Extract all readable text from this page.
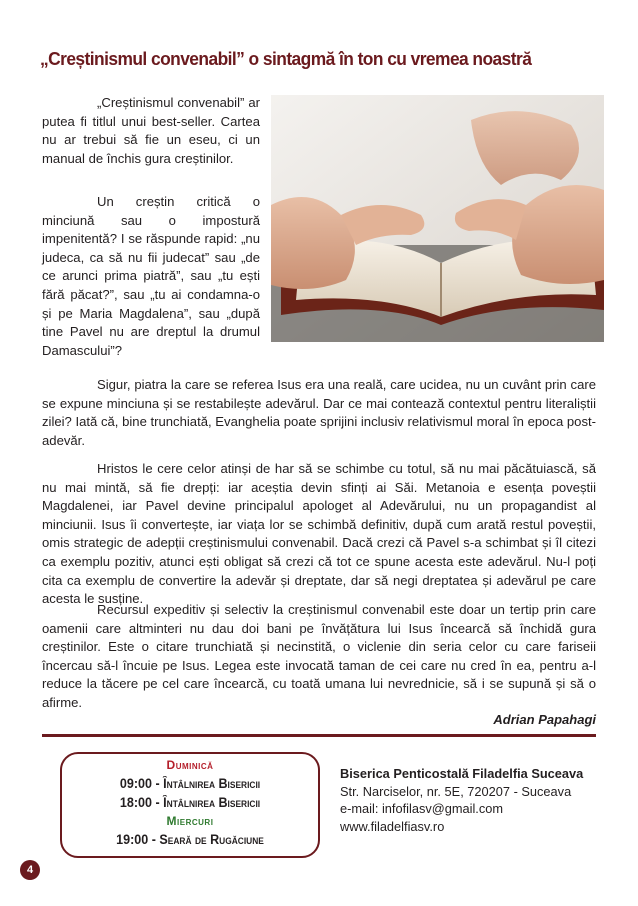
„Creștinismul convenabil” o sintagmă în ton cu vremea noastră

„Creștinismul convenabil” ar putea fi titlul unui best-seller. Cartea nu ar trebui să fie un eseu, ci un manual de închis gura creștinilor.

Un creștin critică o minciună sau o impostură impenitentă? I se răspunde rapid: „nu judeca, ca să nu fii judecat” sau „de ce arunci prima piatră”, sau „tu ești fără păcat?”, sau „tu ai condamna-o și pe Maria Magdalena”, sau „după tine Pavel nu are dreptul la drumul Damascului”?

Sigur, piatra la care se referea Isus era una reală, care ucidea, nu un cuvânt prin care se expune minciuna și se restabilește adevărul. Dar ce mai contează contextul pentru literaliștii zilei? Iată că, bine trunchiată, Evanghelia poate sprijini inclusiv relativismul moral în epoca post-adevăr.

Hristos le cere celor atinși de har să se schimbe cu totul, să nu mai păcătuiască, să nu mai mintă, să fie drepți: iar aceștia devin sfinți ai Săi. Metanoia e esența poveștii Magdalenei, iar Pavel devine principalul apologet al Adevărului, nu un propagandist al minciunii. Isus îi convertește, iar viața lor se schimbă definitiv, după cum arată restul poveștii, omis strategic de adepții creștinismului convenabil. Dacă crezi că Pavel s-a schimbat și îl citezi ca exemplu pozitiv, atunci ești obligat să crezi că tot ce spune acesta este adevărul. Nu-l poți cita ca exemplu de convertire la adevăr și dreptate, dar să negi dreptatea și adevărul pe care acesta le susține.

Recursul expeditiv și selectiv la creștinismul convenabil este doar un tertip prin care oamenii care altminteri nu dau doi bani pe învățătura lui Isus încearcă să închidă gura creștinilor. Este o citare trunchiată și necinstită, o viclenie din seria celor cu care fariseii încercau să-l încuie pe Isus. Legea este invocată taman de cei care nu cred în ea, pentru a-l reduce la tăcere pe cel care încearcă, cu toată umana lui nevrednicie, să i se supună și să o afirme.

Adrian Papahagi
Duminică
09:00 - Întâlnirea Bisericii
18:00 - Întâlnirea Bisericii
Miercuri
19:00 - Seară de Rugăciune
Biserica Penticostală Filadelfia Suceava
Str. Narciselor, nr. 5E, 720207 - Suceava
e-mail: infofilasv@gmail.com
www.filadelfiasv.ro
4
